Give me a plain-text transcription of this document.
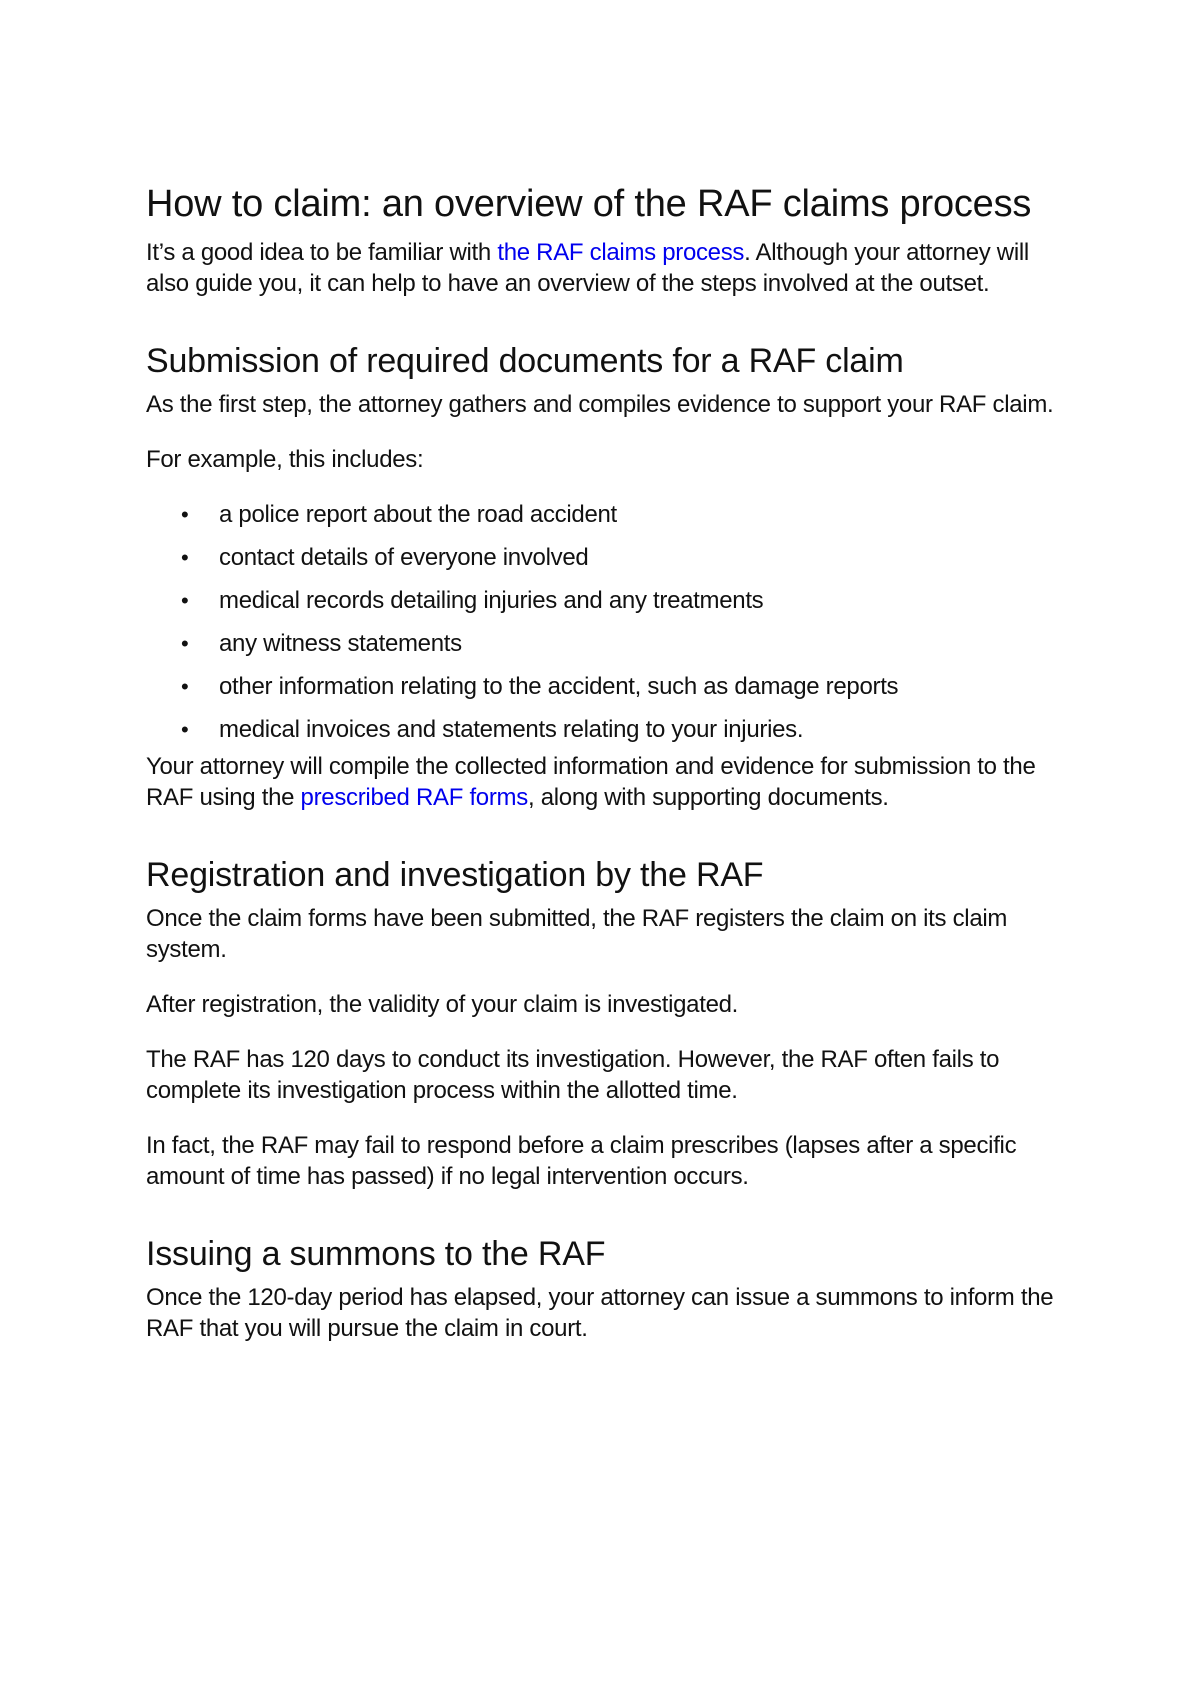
How to claim: an overview of the RAF claims process

It’s a good idea to be familiar with the RAF claims process. Although your attorney will also guide you, it can help to have an overview of the steps involved at the outset.

Submission of required documents for a RAF claim

As the first step, the attorney gathers and compiles evidence to support your RAF claim.

For example, this includes:

• a police report about the road accident
• contact details of everyone involved
• medical records detailing injuries and any treatments
• any witness statements
• other information relating to the accident, such as damage reports
• medical invoices and statements relating to your injuries.

Your attorney will compile the collected information and evidence for submission to the RAF using the prescribed RAF forms, along with supporting documents.

Registration and investigation by the RAF

Once the claim forms have been submitted, the RAF registers the claim on its claim system.

After registration, the validity of your claim is investigated.

The RAF has 120 days to conduct its investigation. However, the RAF often fails to complete its investigation process within the allotted time.

In fact, the RAF may fail to respond before a claim prescribes (lapses after a specific amount of time has passed) if no legal intervention occurs.

Issuing a summons to the RAF

Once the 120-day period has elapsed, your attorney can issue a summons to inform the RAF that you will pursue the claim in court.
